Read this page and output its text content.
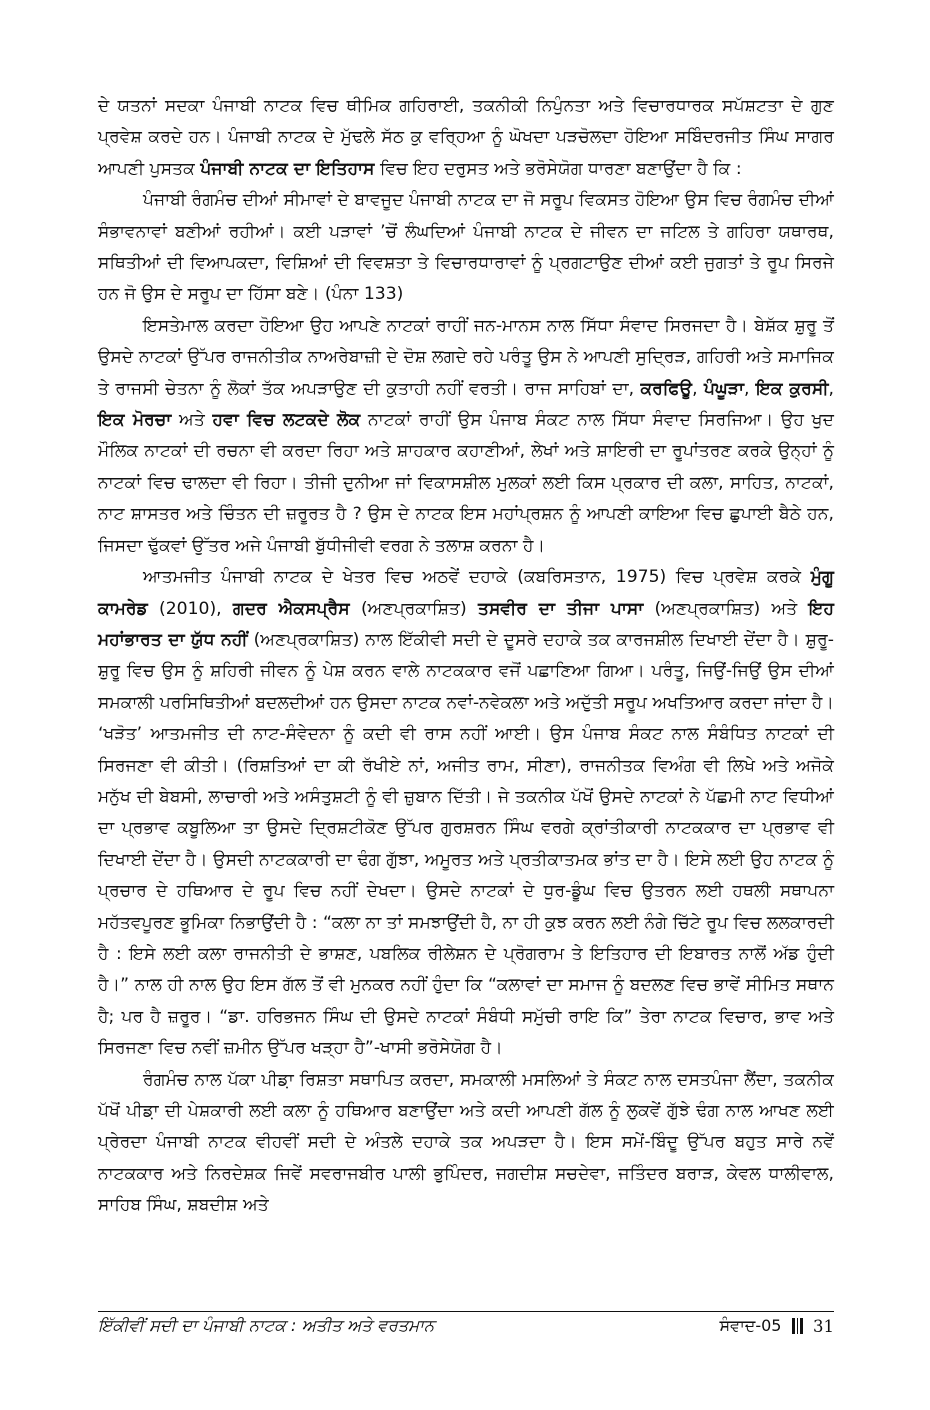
ਦੇ ਯਤਨਾਂ ਸਦਕਾ ਪੰਜਾਬੀ ਨਾਟਕ ਵਿਚ ਥੀਮਿਕ ਗਹਿਰਾਈ, ਤਕਨੀਕੀ ਨਿਪੁੰਨਤਾ ਅਤੇ ਵਿਚਾਰਧਾਰਕ ਸਪੱਸ਼ਟਤਾ ਦੇ ਗੁਣ ਪ੍ਰਵੇਸ਼ ਕਰਦੇ ਹਨ। ਪੰਜਾਬੀ ਨਾਟਕ ਦੇ ਮੁੱਢਲੇ ਸੱਠ ਕੁ ਵਰ੍ਹਿਆ ਨੂੰ ਘੋਖਦਾ ਪੜਚੋਲਦਾ ਹੋਇਆ ਸਬਿੰਦਰਜੀਤ ਸਿੰਘ ਸਾਗਰ ਆਪਣੀ ਪੁਸਤਕ ਪੰਜਾਬੀ ਨਾਟਕ ਦਾ ਇਤਿਹਾਸ ਵਿਚ ਇਹ ਦਰੁਸਤ ਅਤੇ ਭਰੋਸੇਯੋਗ ਧਾਰਣਾ ਬਣਾਉਂਦਾ ਹੈ ਕਿ :

ਪੰਜਾਬੀ ਰੰਗਮੰਚ ਦੀਆਂ ਸੀਮਾਵਾਂ ਦੇ ਬਾਵਜੂਦ ਪੰਜਾਬੀ ਨਾਟਕ ਦਾ ਜੋ ਸਰੂਪ ਵਿਕਸਤ ਹੋਇਆ ਉਸ ਵਿਚ ਰੰਗਮੰਚ ਦੀਆਂ ਸੰਭਾਵਨਾਵਾਂ ਬਣੀਆਂ ਰਹੀਆਂ। ਕਈ ਪੜਾਵਾਂ ’ਚੋਂ ਲੰਘਦਿਆਂ ਪੰਜਾਬੀ ਨਾਟਕ ਦੇ ਜੀਵਨ ਦਾ ਜਟਿਲ ਤੇ ਗਹਿਰਾ ਯਥਾਰਥ, ਸਥਿਤੀਆਂ ਦੀ ਵਿਆਪਕਦਾ, ਵਿਸ਼ਿਆਂ ਦੀ ਵਿਵਸ਼ਤਾ ਤੇ ਵਿਚਾਰਧਾਰਾਵਾਂ ਨੂੰ ਪ੍ਰਗਟਾਉਣ ਦੀਆਂ ਕਈ ਜੁਗਤਾਂ ਤੇ ਰੂਪ ਸਿਰਜੇ ਹਨ ਜੋ ਉਸ ਦੇ ਸਰੂਪ ਦਾ ਹਿੱਸਾ ਬਣੇ। (ਪੰਨਾ 133)

ਇਸਤੇਮਾਲ ਕਰਦਾ ਹੋਇਆ ਉਹ ਆਪਣੇ ਨਾਟਕਾਂ ਰਾਹੀਂ ਜਨ-ਮਾਨਸ ਨਾਲ ਸਿੱਧਾ ਸੰਵਾਦ ਸਿਰਜਦਾ ਹੈ। ਬੇਸ਼ੱਕ ਸ਼ੁਰੂ ਤੋਂ ਉਸਦੇ ਨਾਟਕਾਂ ਉੱਪਰ ਰਾਜਨੀਤੀਕ ਨਾਅਰੇਬਾਜ਼ੀ ਦੇ ਦੋਸ਼ ਲਗਦੇ ਰਹੇ ਪਰੰਤੂ ਉਸ ਨੇ ਆਪਣੀ ਸੁਦ੍ਰਿੜ, ਗਹਿਰੀ ਅਤੇ ਸਮਾਜਿਕ ਤੇ ਰਾਜਸੀ ਚੇਤਨਾ ਨੂੰ ਲੋਕਾਂ ਤੱਕ ਅਪੜਾਉਣ ਦੀ ਕੁਤਾਹੀ ਨਹੀਂ ਵਰਤੀ। ਰਾਜ ਸਾਹਿਬਾਂ ਦਾ, ਕਰਫਿਊ, ਪੰਘੂੜਾ, ਇਕ ਕੁਰਸੀ, ਇਕ ਮੋਰਚਾ ਅਤੇ ਹਵਾ ਵਿਚ ਲਟਕਦੇ ਲੋਕ ਨਾਟਕਾਂ ਰਾਹੀਂ ਉਸ ਪੰਜਾਬ ਸੰਕਟ ਨਾਲ ਸਿੱਧਾ ਸੰਵਾਦ ਸਿਰਜਿਆ। ਉਹ ਖੁਦ ਮੌਲਿਕ ਨਾਟਕਾਂ ਦੀ ਰਚਨਾ ਵੀ ਕਰਦਾ ਰਿਹਾ ਅਤੇ ਸ਼ਾਹਕਾਰ ਕਹਾਣੀਆਂ, ਲੇਖਾਂ ਅਤੇ ਸ਼ਾਇਰੀ ਦਾ ਰੂਪਾਂਤਰਣ ਕਰਕੇ ਉਨ੍ਹਾਂ ਨੂੰ ਨਾਟਕਾਂ ਵਿਚ ਢਾਲਦਾ ਵੀ ਰਿਹਾ। ਤੀਜੀ ਦੁਨੀਆ ਜਾਂ ਵਿਕਾਸਸ਼ੀਲ ਮੁਲਕਾਂ ਲਈ ਕਿਸ ਪ੍ਰਕਾਰ ਦੀ ਕਲਾ, ਸਾਹਿਤ, ਨਾਟਕਾਂ, ਨਾਟ ਸ਼ਾਸਤਰ ਅਤੇ ਚਿੰਤਨ ਦੀ ਜ਼ਰੂਰਤ ਹੈ ? ਉਸ ਦੇ ਨਾਟਕ ਇਸ ਮਹਾਂਪ੍ਰਸ਼ਨ ਨੂੰ ਆਪਣੀ ਕਾਇਆ ਵਿਚ ਛੁਪਾਈ ਬੈਠੇ ਹਨ, ਜਿਸਦਾ ਢੁੱਕਵਾਂ ਉੱਤਰ ਅਜੇ ਪੰਜਾਬੀ ਬੁੱਧੀਜੀਵੀ ਵਰਗ ਨੇ ਤਲਾਸ਼ ਕਰਨਾ ਹੈ।

ਆਤਮਜੀਤ ਪੰਜਾਬੀ ਨਾਟਕ ਦੇ ਖੇਤਰ ਵਿਚ ਅਠਵੇਂ ਦਹਾਕੇ (ਕਬਰਿਸਤਾਨ, 1975) ਵਿਚ ਪ੍ਰਵੇਸ਼ ਕਰਕੇ ਮੁੰਗੂ ਕਾਮਰੇਡ (2010), ਗਦਰ ਐਕਸਪ੍ਰੈਸ (ਅਣਪ੍ਰਕਾਸ਼ਿਤ) ਤਸਵੀਰ ਦਾ ਤੀਜਾ ਪਾਸਾ (ਅਣਪ੍ਰਕਾਸ਼ਿਤ) ਅਤੇ ਇਹ ਮਹਾਂਭਾਰਤ ਦਾ ਯੁੱਧ ਨਹੀਂ (ਅਣਪ੍ਰਕਾਸ਼ਿਤ) ਨਾਲ ਇੱਕੀਵੀ ਸਦੀ ਦੇ ਦੂਸਰੇ ਦਹਾਕੇ ਤਕ ਕਾਰਜਸ਼ੀਲ ਦਿਖਾਈ ਦੇਂਦਾ ਹੈ। ਸ਼ੁਰੂ-ਸ਼ੁਰੂ ਵਿਚ ਉਸ ਨੂੰ ਸ਼ਹਿਰੀ ਜੀਵਨ ਨੂੰ ਪੇਸ਼ ਕਰਨ ਵਾਲੇ ਨਾਟਕਕਾਰ ਵਜੋਂ ਪਛਾਣਿਆ ਗਿਆ। ਪਰੰਤੂ, ਜਿਉਂ-ਜਿਉਂ ਉਸ ਦੀਆਂ ਸਮਕਾਲੀ ਪਰਸਿਥਿਤੀਆਂ ਬਦਲਦੀਆਂ ਹਨ ਉਸਦਾ ਨਾਟਕ ਨਵਾਂ-ਨਵੇਕਲਾ ਅਤੇ ਅਦੁੱਤੀ ਸਰੂਪ ਅਖਤਿਆਰ ਕਰਦਾ ਜਾਂਦਾ ਹੈ। ‘ਖੜੋਤ’ ਆਤਮਜੀਤ ਦੀ ਨਾਟ-ਸੰਵੇਦਨਾ ਨੂੰ ਕਦੀ ਵੀ ਰਾਸ ਨਹੀਂ ਆਈ। ਉਸ ਪੰਜਾਬ ਸੰਕਟ ਨਾਲ ਸੰਬੰਧਿਤ ਨਾਟਕਾਂ ਦੀ ਸਿਰਜਣਾ ਵੀ ਕੀਤੀ। (ਰਿਸ਼ਤਿਆਂ ਦਾ ਕੀ ਰੱਖੀਏ ਨਾਂ, ਅਜੀਤ ਰਾਮ, ਸੀਣਾ), ਰਾਜਨੀਤਕ ਵਿਅੰਗ ਵੀ ਲਿਖੇ ਅਤੇ ਅਜੋਕੇ ਮਨੁੱਖ ਦੀ ਬੇਬਸੀ, ਲਾਚਾਰੀ ਅਤੇ ਅਸੰਤੁਸ਼ਟੀ ਨੂੰ ਵੀ ਜ਼ੁਬਾਨ ਦਿੱਤੀ। ਜੇ ਤਕਨੀਕ ਪੱਖੋਂ ਉਸਦੇ ਨਾਟਕਾਂ ਨੇ ਪੱਛਮੀ ਨਾਟ ਵਿਧੀਆਂ ਦਾ ਪ੍ਰਭਾਵ ਕਬੂਲਿਆ ਤਾ ਉਸਦੇ ਦ੍ਰਿਸ਼ਟੀਕੋਣ ਉੱਪਰ ਗੁਰਸ਼ਰਨ ਸਿੰਘ ਵਰਗੇ ਕ੍ਰਾਂਤੀਕਾਰੀ ਨਾਟਕਕਾਰ ਦਾ ਪ੍ਰਭਾਵ ਵੀ ਦਿਖਾਈ ਦੇਂਦਾ ਹੈ। ਉਸਦੀ ਨਾਟਕਕਾਰੀ ਦਾ ਢੰਗ ਗੁੱਝਾ, ਅਮੂਰਤ ਅਤੇ ਪ੍ਰਤੀਕਾਤਮਕ ਭਾਂਤ ਦਾ ਹੈ। ਇਸੇ ਲਈ ਉਹ ਨਾਟਕ ਨੂੰ ਪ੍ਰਚਾਰ ਦੇ ਹਥਿਆਰ ਦੇ ਰੂਪ ਵਿਚ ਨਹੀਂ ਦੇਖਦਾ। ਉਸਦੇ ਨਾਟਕਾਂ ਦੇ ਧੁਰ-ਡੂੰਘ ਵਿਚ ਉਤਰਨ ਲਈ ਹਥਲੀ ਸਥਾਪਨਾ ਮਹੱਤਵਪੂਰਣ ਭੂਮਿਕਾ ਨਿਭਾਉਂਦੀ ਹੈ : “ਕਲਾ ਨਾ ਤਾਂ ਸਮਝਾਉਂਦੀ ਹੈ, ਨਾ ਹੀ ਕੁਝ ਕਰਨ ਲਈ ਨੰਗੇ ਚਿੱਟੇ ਰੂਪ ਵਿਚ ਲਲਕਾਰਦੀ ਹੈ : ਇਸੇ ਲਈ ਕਲਾ ਰਾਜਨੀਤੀ ਦੇ ਭਾਸ਼ਣ, ਪਬਲਿਕ ਰੀਲੇਸ਼ਨ ਦੇ ਪ੍ਰੋਗਰਾਮ ਤੇ ਇਤਿਹਾਰ ਦੀ ਇਬਾਰਤ ਨਾਲੋਂ ਅੱਡ ਹੁੰਦੀ ਹੈ।” ਨਾਲ ਹੀ ਨਾਲ ਉਹ ਇਸ ਗੱਲ ਤੋਂ ਵੀ ਮੁਨਕਰ ਨਹੀਂ ਹੁੰਦਾ ਕਿ “ਕਲਾਵਾਂ ਦਾ ਸਮਾਜ ਨੂੰ ਬਦਲਣ ਵਿਚ ਭਾਵੇਂ ਸੀਮਿਤ ਸਥਾਨ ਹੈ; ਪਰ ਹੈ ਜ਼ਰੂਰ। “ਡਾ. ਹਰਿਭਜਨ ਸਿੰਘ ਦੀ ਉਸਦੇ ਨਾਟਕਾਂ ਸੰਬੰਧੀ ਸਮੁੱਚੀ ਰਾਇ ਕਿ” ਤੇਰਾ ਨਾਟਕ ਵਿਚਾਰ, ਭਾਵ ਅਤੇ ਸਿਰਜਣਾ ਵਿਚ ਨਵੀਂ ਜ਼ਮੀਨ ਉੱਪਰ ਖੜ੍ਹਾ ਹੈ”-ਖਾਸੀ ਭਰੋਸੇਯੋਗ ਹੈ।

ਰੰਗਮੰਚ ਨਾਲ ਪੱਕਾ ਪੀਡ਼ਾ ਰਿਸ਼ਤਾ ਸਥਾਪਿਤ ਕਰਦਾ, ਸਮਕਾਲੀ ਮਸਲਿਆਂ ਤੇ ਸੰਕਟ ਨਾਲ ਦਸਤਪੰਜਾ ਲੈਂਦਾ, ਤਕਨੀਕ ਪੱਖੋਂ ਪੀਡ਼ਾ ਦੀ ਪੇਸ਼ਕਾਰੀ ਲਈ ਕਲਾ ਨੂੰ ਹਥਿਆਰ ਬਣਾਉਂਦਾ ਅਤੇ ਕਦੀ ਆਪਣੀ ਗੱਲ ਨੂੰ ਲੁਕਵੇਂ ਗੁੱਝੇ ਢੰਗ ਨਾਲ ਆਖਣ ਲਈ ਪ੍ਰੇਰਦਾ ਪੰਜਾਬੀ ਨਾਟਕ ਵੀਹਵੀਂ ਸਦੀ ਦੇ ਅੰਤਲੇ ਦਹਾਕੇ ਤਕ ਅਪੜਦਾ ਹੈ। ਇਸ ਸਮੇਂ-ਬਿੰਦੂ ਉੱਪਰ ਬਹੁਤ ਸਾਰੇ ਨਵੇਂ ਨਾਟਕਕਾਰ ਅਤੇ ਨਿਰਦੇਸ਼ਕ ਜਿਵੇਂ ਸਵਰਾਜਬੀਰ ਪਾਲੀ ਭੁਪਿੰਦਰ, ਜਗਦੀਸ਼ ਸਚਦੇਵਾ, ਜਤਿੰਦਰ ਬਰਾੜ, ਕੇਵਲ ਧਾਲੀਵਾਲ, ਸਾਹਿਬ ਸਿੰਘ, ਸ਼ਬਦੀਸ਼ ਅਤੇ

ਇੱਕੀਵੀਂ ਸਦੀ ਦਾ ਪੰਜਾਬੀ ਨਾਟਕ : ਅਤੀਤ ਅਤੇ ਵਰਤਮਾਨ	ਸੰਵਾਦ-05 31
